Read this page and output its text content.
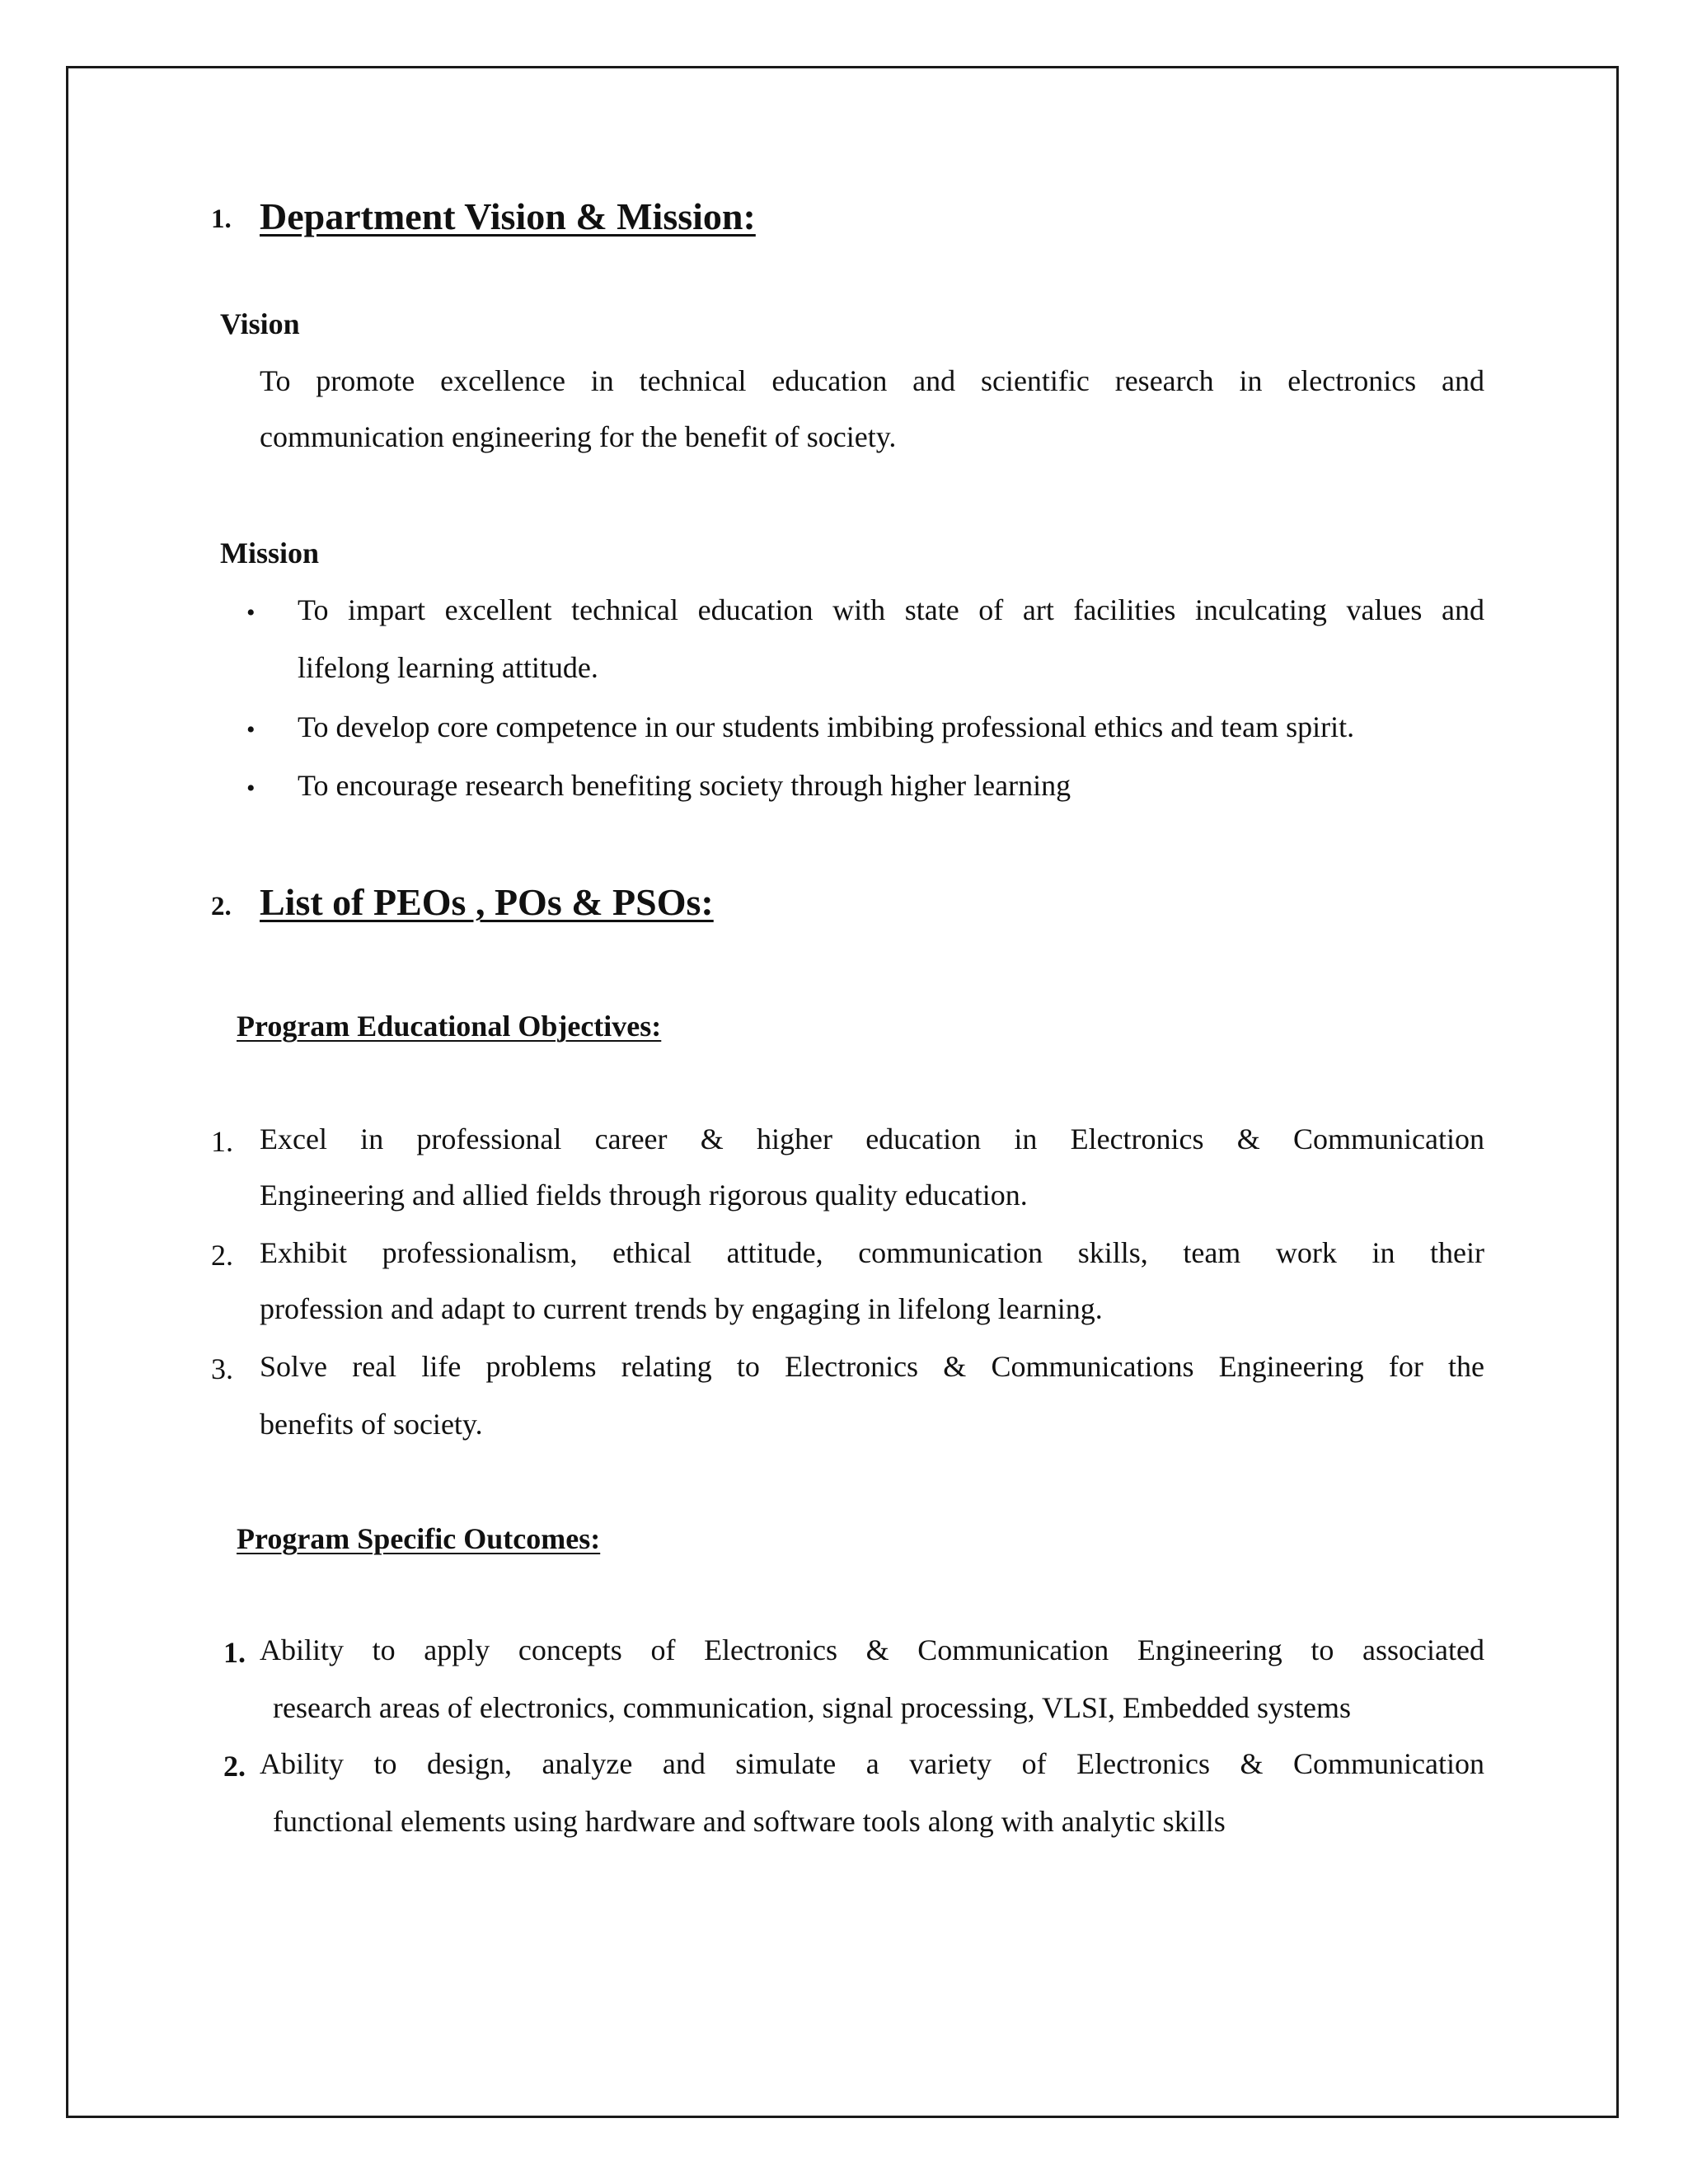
1. Department Vision & Mission:
Vision
To promote excellence in technical education and scientific research in electronics and
communication engineering for the benefit of society.
Mission
• To impart excellent technical education with state of art facilities inculcating values and
lifelong learning attitude.
• To develop core competence in our students imbibing professional ethics and team spirit.
• To encourage research benefiting society through higher learning
2. List of PEOs , POs & PSOs:
Program Educational Objectives:
1. Excel in professional career & higher education in Electronics & Communication
Engineering and allied fields through rigorous quality education.
2. Exhibit professionalism, ethical attitude, communication skills, team work in their
profession and adapt to current trends by engaging in lifelong learning.
3. Solve real life problems relating to Electronics & Communications Engineering for the
benefits of society.
Program Specific Outcomes:
1. Ability to apply concepts of Electronics & Communication Engineering to associated
research areas of electronics, communication, signal processing, VLSI, Embedded systems
2. Ability to design, analyze and simulate a variety of Electronics & Communication
functional elements using hardware and software tools along with analytic skills
